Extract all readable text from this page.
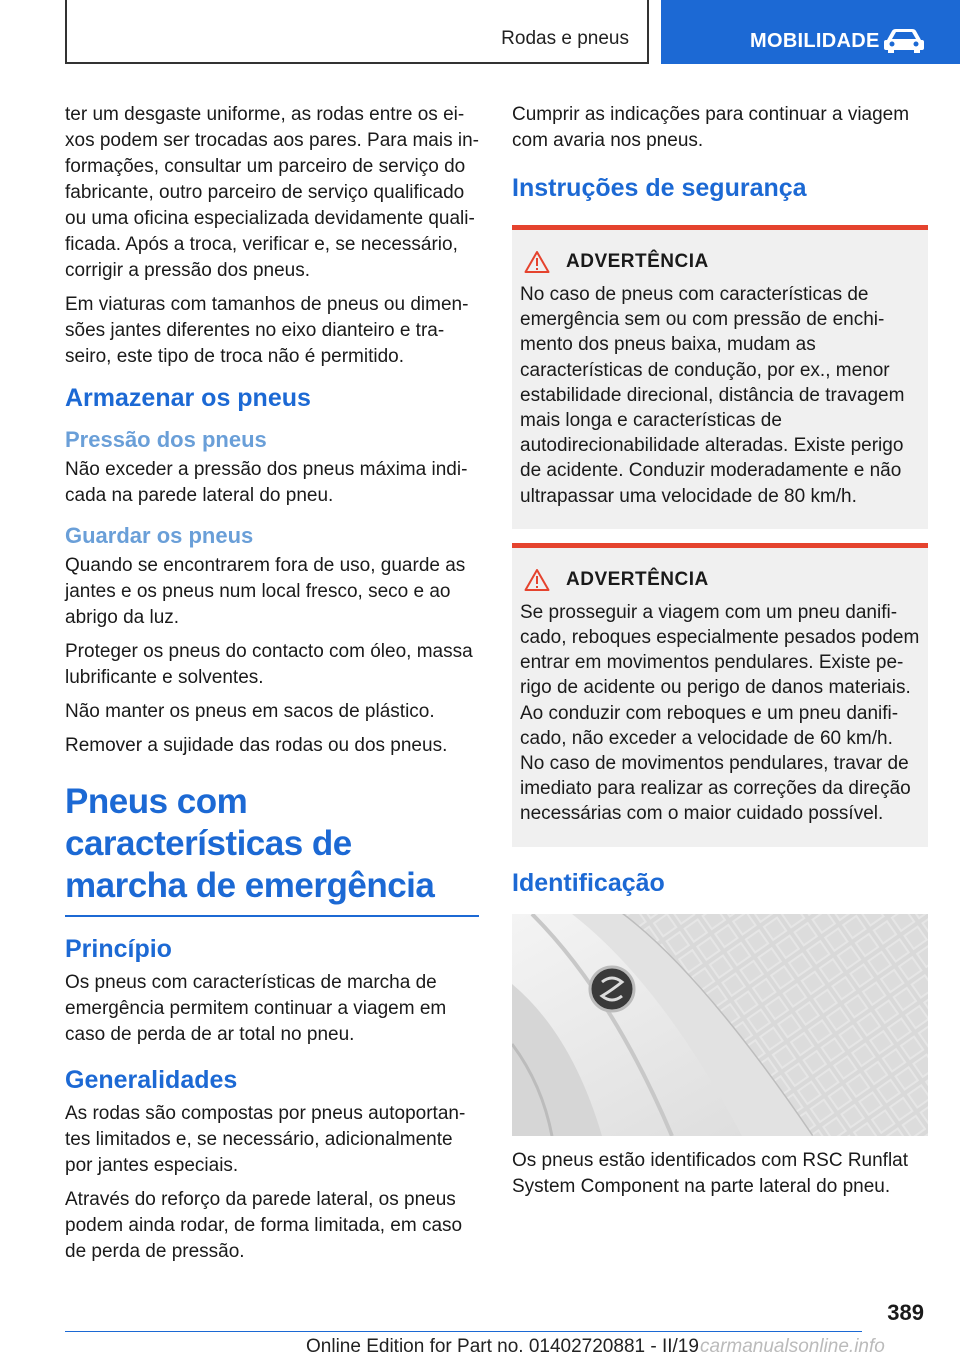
Rodas e pneus	MOBILIDADE

ter um desgaste uniforme, as rodas entre os eixos podem ser trocadas aos pares. Para mais informações, consultar um parceiro de serviço do fabricante, outro parceiro de serviço qualificado ou uma oficina especializada devidamente qualificada. Após a troca, verificar e, se necessário, corrigir a pressão dos pneus.

Em viaturas com tamanhos de pneus ou dimensões jantes diferentes no eixo dianteiro e traseiro, este tipo de troca não é permitido.

Armazenar os pneus
Pressão dos pneus

Não exceder a pressão dos pneus máxima indicada na parede lateral do pneu.

Guardar os pneus

Quando se encontrarem fora de uso, guarde as jantes e os pneus num local fresco, seco e ao abrigo da luz.

Proteger os pneus do contacto com óleo, massa lubrificante e solventes.

Não manter os pneus em sacos de plástico.

Remover a sujidade das rodas ou dos pneus.

Pneus com características de marcha de emergência
Princípio

Os pneus com características de marcha de emergência permitem continuar a viagem em caso de perda de ar total no pneu.

Generalidades

As rodas são compostas por pneus autoportantes limitados e, se necessário, adicionalmente por jantes especiais.

Através do reforço da parede lateral, os pneus podem ainda rodar, de forma limitada, em caso de perda de pressão.

Cumprir as indicações para continuar a viagem com avaria nos pneus.

Instruções de segurança
ADVERTÊNCIA

No caso de pneus com características de emergência sem ou com pressão de enchimento dos pneus baixa, mudam as características de condução, por ex., menor estabilidade direcional, distância de travagem mais longa e características de autodirecionabilidade alteradas. Existe perigo de acidente. Conduzir moderadamente e não ultrapassar uma velocidade de 80 km/h.

ADVERTÊNCIA

Se prosseguir a viagem com um pneu danificado, reboques especialmente pesados podem entrar em movimentos pendulares. Existe perigo de acidente ou perigo de danos materiais. Ao conduzir com reboques e um pneu danificado, não exceder a velocidade de 60 km/h. No caso de movimentos pendulares, travar de imediato para realizar as correções da direção necessárias com o maior cuidado possível.

Identificação

Os pneus estão identificados com RSC Runflat System Component na parte lateral do pneu.

389
Online Edition for Part no. 01402720881 - II/19 carmanualsonline.info
